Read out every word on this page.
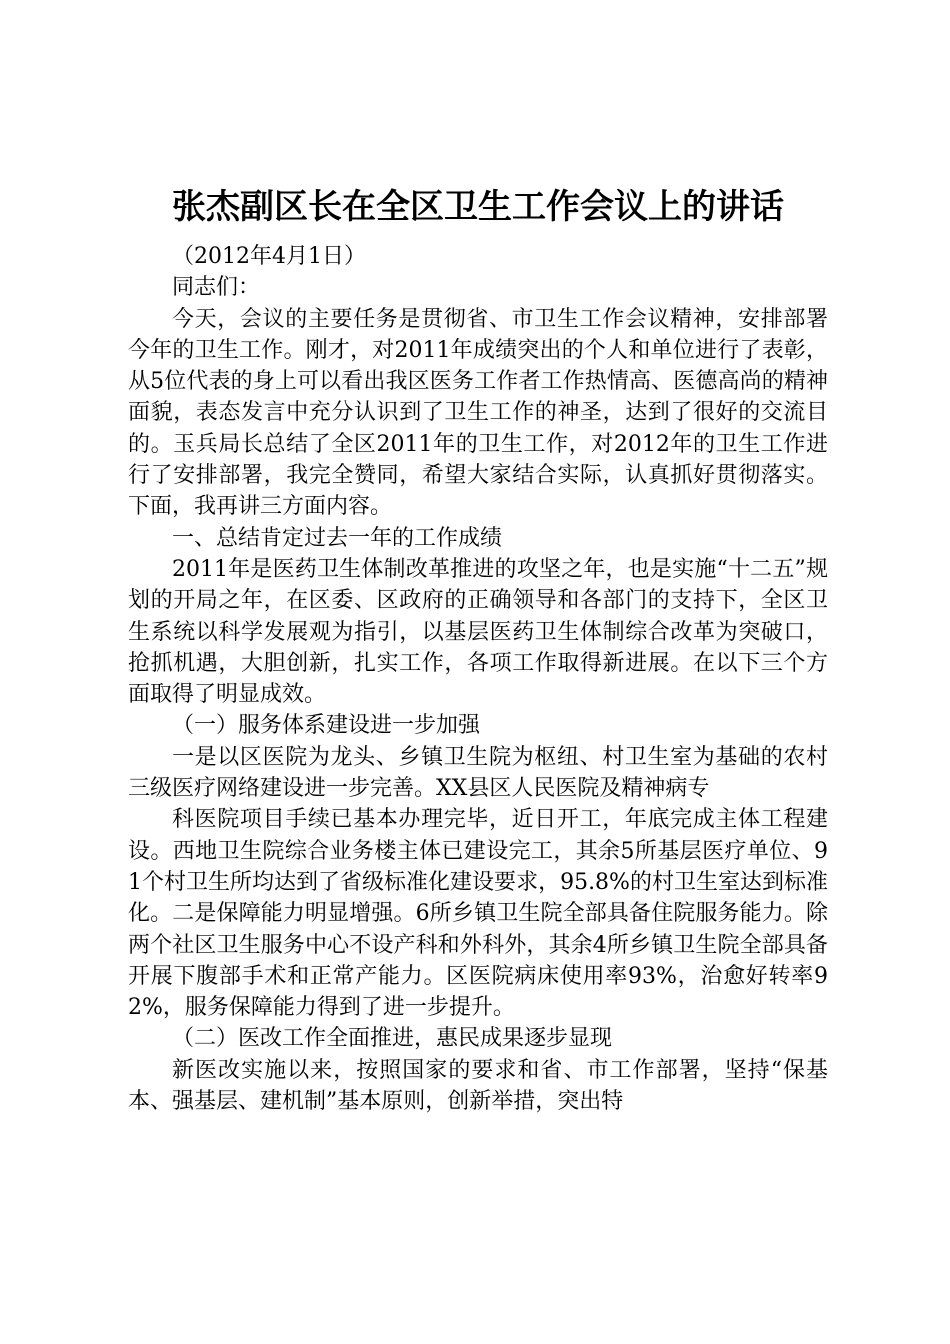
张杰副区长在全区卫生工作会议上的讲话

（2012年4月1日）

同志们：

今天，会议的主要任务是贯彻省、市卫生工作会议精神，安排部署今年的卫生工作。刚才，对2011年成绩突出的个人和单位进行了表彰，从5位代表的身上可以看出我区医务工作者工作热情高、医德高尚的精神面貌，表态发言中充分认识到了卫生工作的神圣，达到了很好的交流目的。玉兵局长总结了全区2011年的卫生工作，对2012年的卫生工作进行了安排部署，我完全赞同，希望大家结合实际，认真抓好贯彻落实。下面，我再讲三方面内容。

一、总结肯定过去一年的工作成绩

2011年是医药卫生体制改革推进的攻坚之年，也是实施“十二五”规划的开局之年，在区委、区政府的正确领导和各部门的支持下，全区卫生系统以科学发展观为指引，以基层医药卫生体制综合改革为突破口，抢抓机遇，大胆创新，扎实工作，各项工作取得新进展。在以下三个方面取得了明显成效。

（一）服务体系建设进一步加强

一是以区医院为龙头、乡镇卫生院为枢纽、村卫生室为基础的农村三级医疗网络建设进一步完善。XX县区人民医院及精神病专

科医院项目手续已基本办理完毕，近日开工，年底完成主体工程建设。西地卫生院综合业务楼主体已建设完工，其余5所基层医疗单位、91个村卫生所均达到了省级标准化建设要求，95.8%的村卫生室达到标准化。二是保障能力明显增强。6所乡镇卫生院全部具备住院服务能力。除两个社区卫生服务中心不设产科和外科外，其余4所乡镇卫生院全部具备开展下腹部手术和正常产能力。区医院病床使用率93%，治愈好转率92%，服务保障能力得到了进一步提升。

（二）医改工作全面推进，惠民成果逐步显现

新医改实施以来，按照国家的要求和省、市工作部署，坚持“保基本、强基层、建机制”基本原则，创新举措，突出特
